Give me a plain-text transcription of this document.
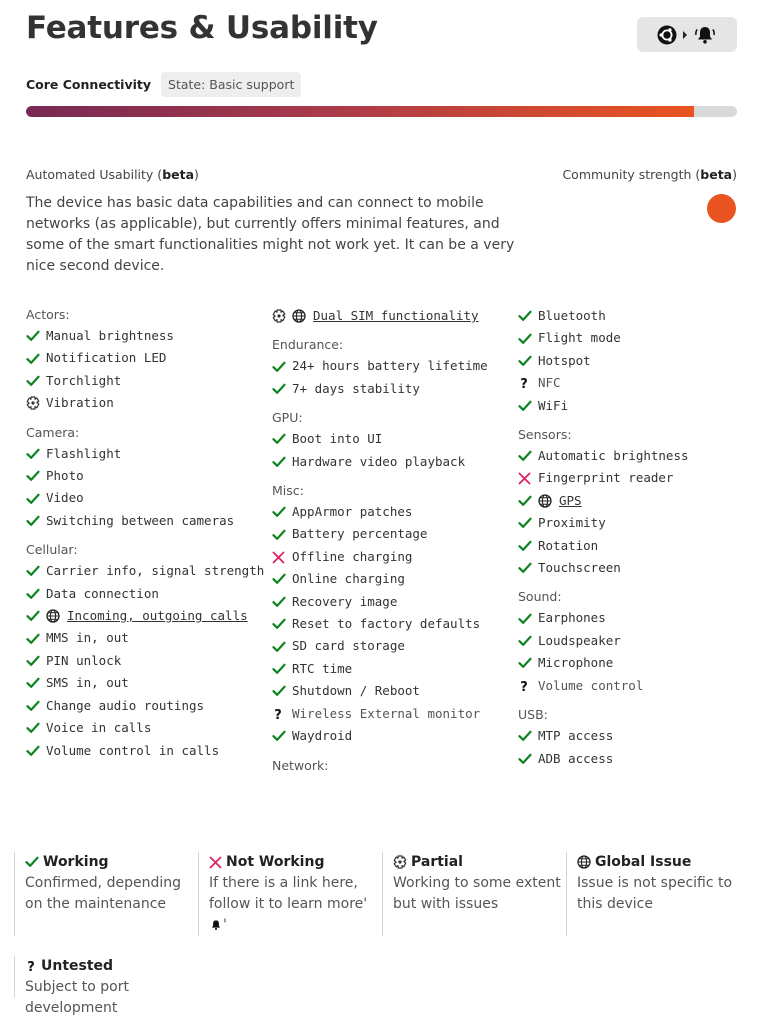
Features & Usability
Core Connectivity	State: Basic support
Automated Usability (beta)	Community strength (beta)
The device has basic data capabilities and can connect to mobile networks (as applicable), but currently offers minimal features, and some of the smart functionalities might not work yet. It can be a very nice second device.
Actors:
Manual brightness
Notification LED
Torchlight
Vibration
Camera:
Flashlight
Photo
Video
Switching between cameras
Cellular:
Carrier info, signal strength
Data connection
Incoming, outgoing calls
MMS in, out
PIN unlock
SMS in, out
Change audio routings
Voice in calls
Volume control in calls
Dual SIM functionality
Endurance:
24+ hours battery lifetime
7+ days stability
GPU:
Boot into UI
Hardware video playback
Misc:
AppArmor patches
Battery percentage
Offline charging
Online charging
Recovery image
Reset to factory defaults
SD card storage
RTC time
Shutdown / Reboot
? Wireless External monitor
Waydroid
Network:
Bluetooth
Flight mode
Hotspot
? NFC
WiFi
Sensors:
Automatic brightness
Fingerprint reader
GPS
Proximity
Rotation
Touchscreen
Sound:
Earphones
Loudspeaker
Microphone
? Volume control
USB:
MTP access
ADB access
Working
Confirmed, depending on the maintenance
Not Working
If there is a link here, follow it to learn more'

'
Partial
Working to some extent but with issues
Global Issue
Issue is not specific to this device
? Untested
Subject to port development
